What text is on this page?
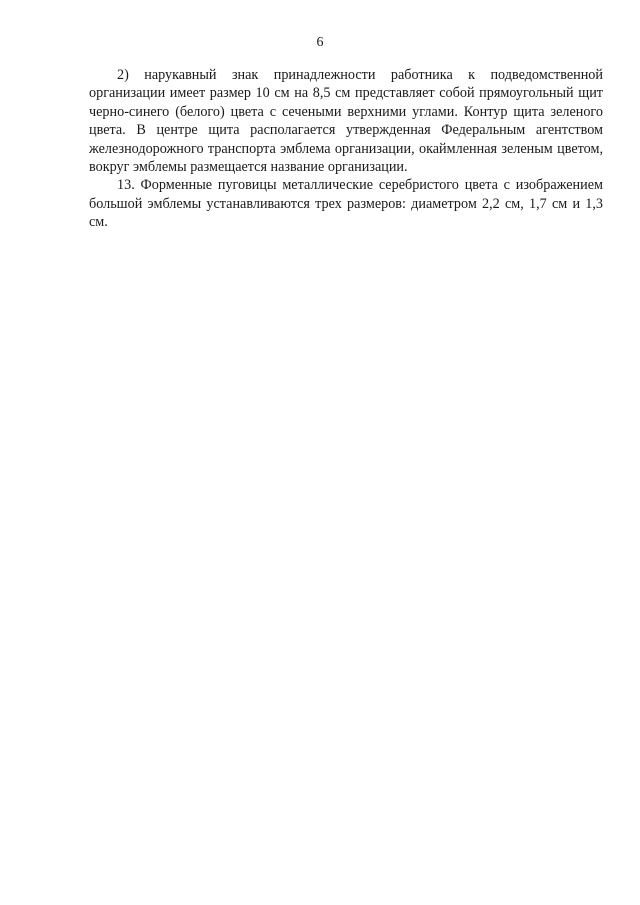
6

2) нарукавный знак принадлежности работника к подведомственной организации имеет размер 10 см на 8,5 см представляет собой прямоугольный щит черно-синего (белого) цвета с сечеными верхними углами. Контур щита зеленого цвета. В центре щита располагается утвержденная Федеральным агентством железнодорожного транспорта эмблема организации, окаймленная зеленым цветом, вокруг эмблемы размещается название организации.

13. Форменные пуговицы металлические серебристого цвета с изображением большой эмблемы устанавливаются трех размеров: диаметром 2,2 см, 1,7 см и 1,3 см.
